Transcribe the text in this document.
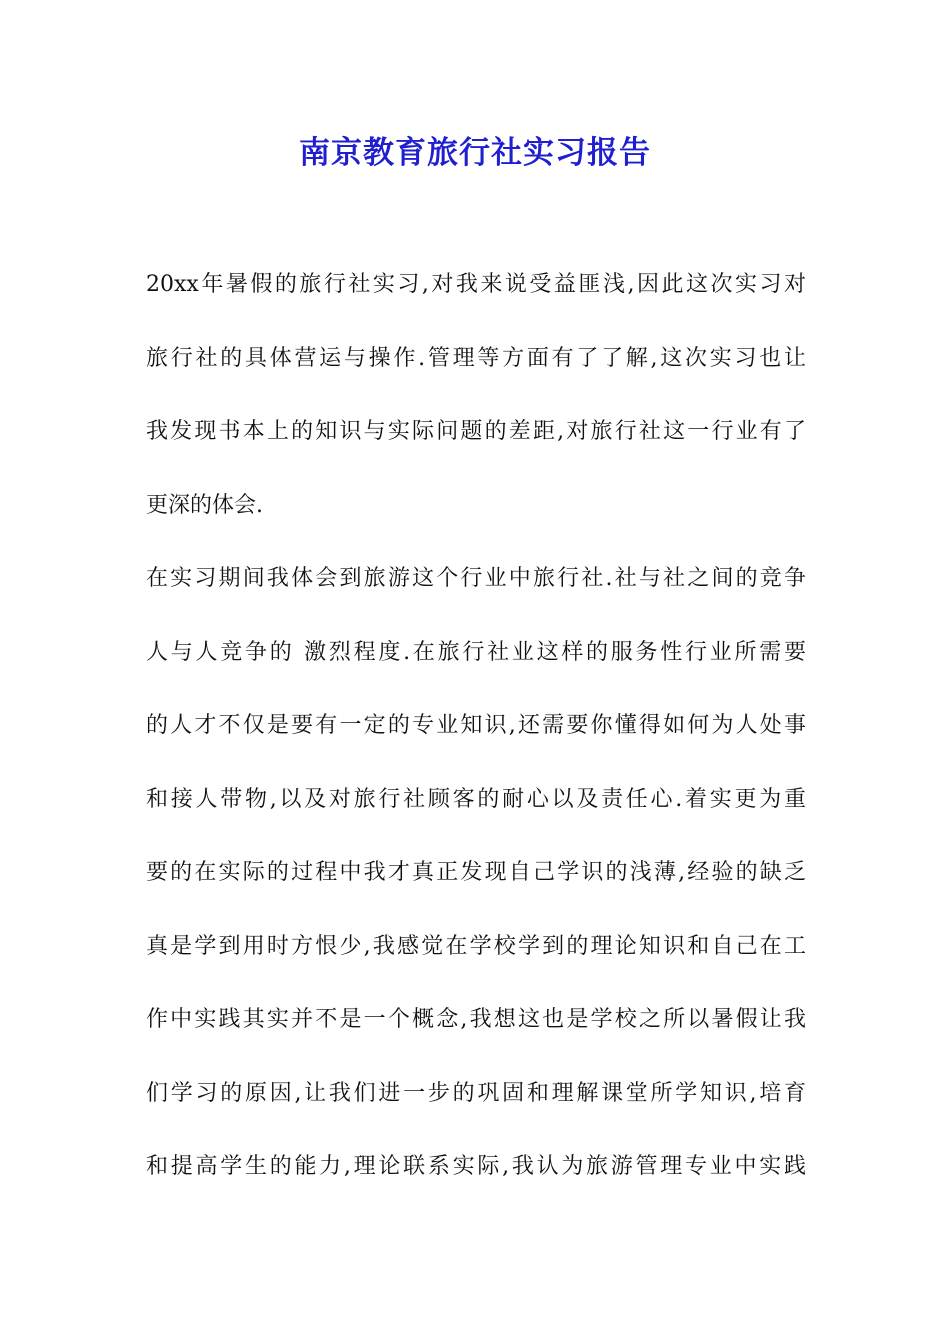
南京教育旅行社实习报告
20xx年暑假的旅行社实习,对我来说受益匪浅,因此这次实习对
旅行社的具体营运与操作.管理等方面有了了解,这次实习也让
我发现书本上的知识与实际问题的差距,对旅行社这一行业有了
更深的体会.
在实习期间我体会到旅游这个行业中旅行社.社与社之间的竞争
人与人竞争的 激烈程度.在旅行社业这样的服务性行业所需要
的人才不仅是要有一定的专业知识,还需要你懂得如何为人处事
和接人带物,以及对旅行社顾客的耐心以及责任心.着实更为重
要的在实际的过程中我才真正发现自己学识的浅薄,经验的缺乏
真是学到用时方恨少,我感觉在学校学到的理论知识和自己在工
作中实践其实并不是一个概念,我想这也是学校之所以暑假让我
们学习的原因,让我们进一步的巩固和理解课堂所学知识,培育
和提高学生的能力,理论联系实际,我认为旅游管理专业中实践
